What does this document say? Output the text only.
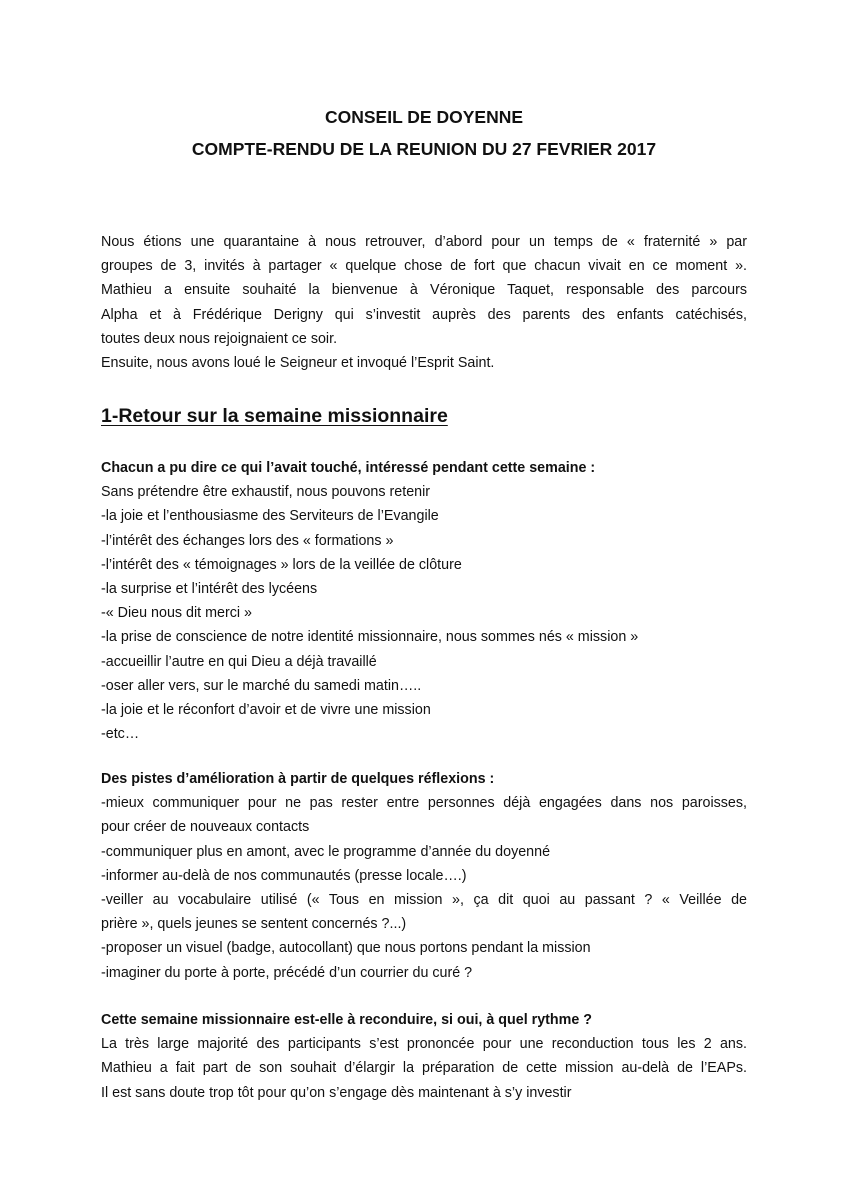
CONSEIL DE DOYENNE
COMPTE-RENDU DE LA REUNION DU 27 FEVRIER 2017

Nous étions une quarantaine à nous retrouver, d’abord pour un temps de « fraternité » par
groupes de 3, invités à partager « quelque chose de fort que chacun vivait en ce moment ».
Mathieu a ensuite souhaité la bienvenue à Véronique Taquet, responsable des parcours
Alpha et à Frédérique Derigny qui s’investit auprès des parents des enfants catéchisés,
toutes deux nous rejoignaient ce soir.
Ensuite, nous avons loué le Seigneur et invoqué l’Esprit Saint.

1-Retour sur la semaine missionnaire
Chacun a pu dire ce qui l’avait touché, intéressé pendant cette semaine :
Sans prétendre être exhaustif, nous pouvons retenir
-la joie et l’enthousiasme des Serviteurs de l’Evangile
-l’intérêt des échanges lors des « formations »
-l’intérêt des « témoignages » lors de la veillée de clôture
-la surprise et l’intérêt des lycéens
-« Dieu nous dit merci »
-la prise de conscience de notre identité missionnaire, nous sommes nés « mission »
-accueillir l’autre en qui Dieu a déjà travaillé
-oser aller vers, sur le marché du samedi matin…..
-la joie et le réconfort d’avoir et de vivre une mission
-etc…
Des pistes d’amélioration à partir de quelques réflexions :
-mieux communiquer pour ne pas rester entre personnes déjà engagées dans nos paroisses,
pour créer de nouveaux contacts
-communiquer plus en amont, avec le programme d’année du doyenné
-informer au-delà de nos communautés (presse locale….)
-veiller au vocabulaire utilisé (« Tous en mission », ça dit quoi au passant ? « Veillée de
prière », quels jeunes se sentent concernés ?...)
-proposer un visuel (badge, autocollant) que nous portons pendant la mission
-imaginer du porte à porte, précédé d’un courrier du curé ?
Cette semaine missionnaire est-elle à reconduire, si oui, à quel rythme ?
La très large majorité des participants s’est prononcée pour une reconduction tous les 2 ans.
Mathieu a fait part de son souhait d’élargir la préparation de cette mission au-delà de l’EAPs.
Il est sans doute trop tôt pour qu’on s’engage dès maintenant à s’y investir
